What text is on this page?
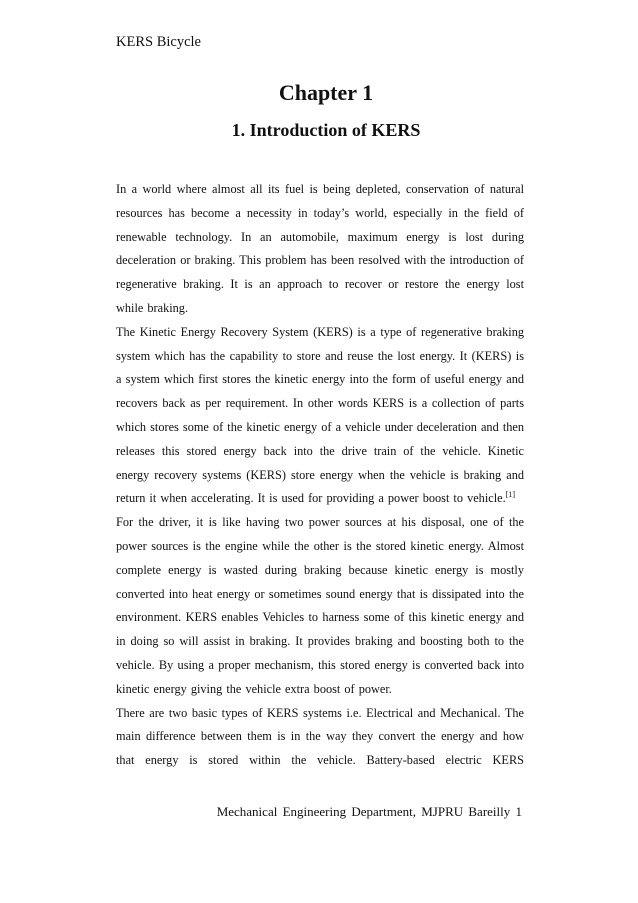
KERS Bicycle
Chapter 1
1. Introduction of KERS

In a world where almost all its fuel is being depleted, conservation of natural resources has become a necessity in today’s world, especially in the field of renewable technology. In an automobile, maximum energy is lost during deceleration or braking. This problem has been resolved with the introduction of regenerative braking. It is an approach to recover or restore the energy lost while braking.

The Kinetic Energy Recovery System (KERS) is a type of regenerative braking system which has the capability to store and reuse the lost energy. It (KERS) is a system which first stores the kinetic energy into the form of useful energy and recovers back as per requirement. In other words KERS is a collection of parts which stores some of the kinetic energy of a vehicle under deceleration and then releases this stored energy back into the drive train of the vehicle. Kinetic energy recovery systems (KERS) store energy when the vehicle is braking and return it when accelerating. It is used for providing a power boost to vehicle.[1]

For the driver, it is like having two power sources at his disposal, one of the power sources is the engine while the other is the stored kinetic energy. Almost complete energy is wasted during braking because kinetic energy is mostly converted into heat energy or sometimes sound energy that is dissipated into the environment. KERS enables Vehicles to harness some of this kinetic energy and in doing so will assist in braking. It provides braking and boosting both to the vehicle. By using a proper mechanism, this stored energy is converted back into kinetic energy giving the vehicle extra boost of power.

There are two basic types of KERS systems i.e. Electrical and Mechanical. The main difference between them is in the way they convert the energy and how that energy is stored within the vehicle. Battery-based electric KERS

Mechanical Engineering Department, MJPRU Bareilly 1
